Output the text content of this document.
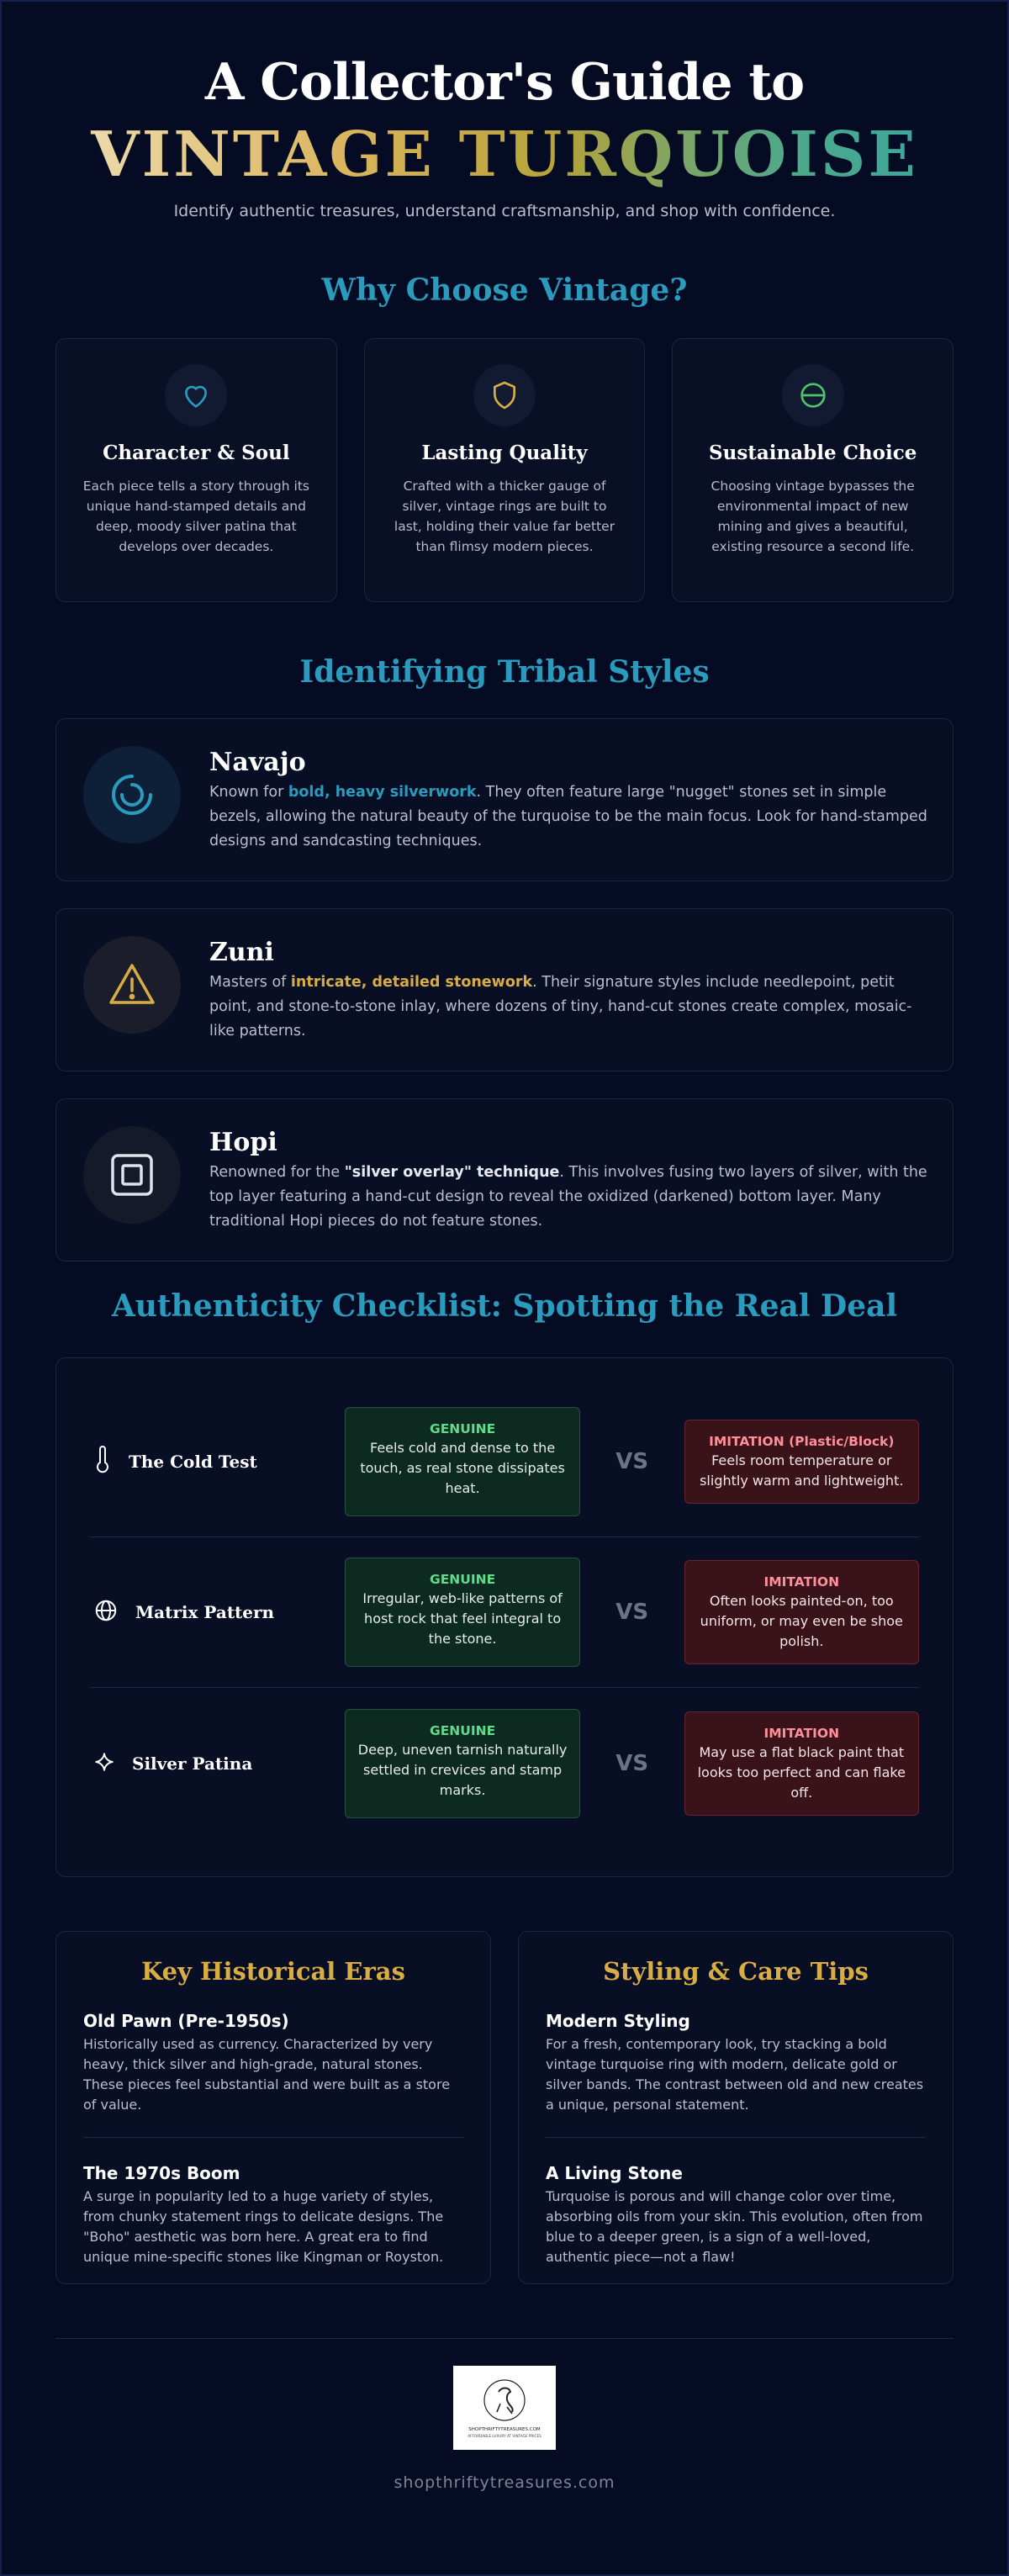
A Collector's Guide to
VINTAGE TURQUOISE
Identify authentic treasures, understand craftsmanship, and shop with confidence.
Why Choose Vintage?
Character & Soul

Each piece tells a story through its unique hand-stamped details and deep, moody silver patina that develops over decades.

Lasting Quality

Crafted with a thicker gauge of silver, vintage rings are built to last, holding their value far better than flimsy modern pieces.

Sustainable Choice

Choosing vintage bypasses the environmental impact of new mining and gives a beautiful, existing resource a second life.

Identifying Tribal Styles
Navajo

Known for bold, heavy silverwork. They often feature large "nugget" stones set in simple bezels, allowing the natural beauty of the turquoise to be the main focus. Look for hand-stamped designs and sandcasting techniques.

Zuni

Masters of intricate, detailed stonework. Their signature styles include needlepoint, petit point, and stone-to-stone inlay, where dozens of tiny, hand-cut stones create complex, mosaic-like patterns.

Hopi

Renowned for the "silver overlay" technique. This involves fusing two layers of silver, with the top layer featuring a hand-cut design to reveal the oxidized (darkened) bottom layer. Many traditional Hopi pieces do not feature stones.

Authenticity Checklist: Spotting the Real Deal
The Cold Test
GENUINE
Feels cold and dense to the touch, as real stone dissipates heat.
VS
IMITATION (Plastic/Block)
Feels room temperature or slightly warm and lightweight.
Matrix Pattern
GENUINE
Irregular, web-like patterns of host rock that feel integral to the stone.
VS
IMITATION
Often looks painted-on, too uniform, or may even be shoe polish.
Silver Patina
GENUINE
Deep, uneven tarnish naturally settled in crevices and stamp marks.
VS
IMITATION
May use a flat black paint that looks too perfect and can flake off.
Key Historical Eras
Old Pawn (Pre-1950s)

Historically used as currency. Characterized by very heavy, thick silver and high-grade, natural stones. These pieces feel substantial and were built as a store of value.

The 1970s Boom

A surge in popularity led to a huge variety of styles, from chunky statement rings to delicate designs. The "Boho" aesthetic was born here. A great era to find unique mine-specific stones like Kingman or Royston.

Styling & Care Tips
Modern Styling

For a fresh, contemporary look, try stacking a bold vintage turquoise ring with modern, delicate gold or silver bands. The contrast between old and new creates a unique, personal statement.

A Living Stone

Turquoise is porous and will change color over time, absorbing oils from your skin. This evolution, often from blue to a deeper green, is a sign of a well-loved, authentic piece—not a flaw!

SHOPTHRIFTYTREASURES.COM
AFFORDABLE LUXURY AT VINTAGE PRICES
shopthriftytreasures.com
